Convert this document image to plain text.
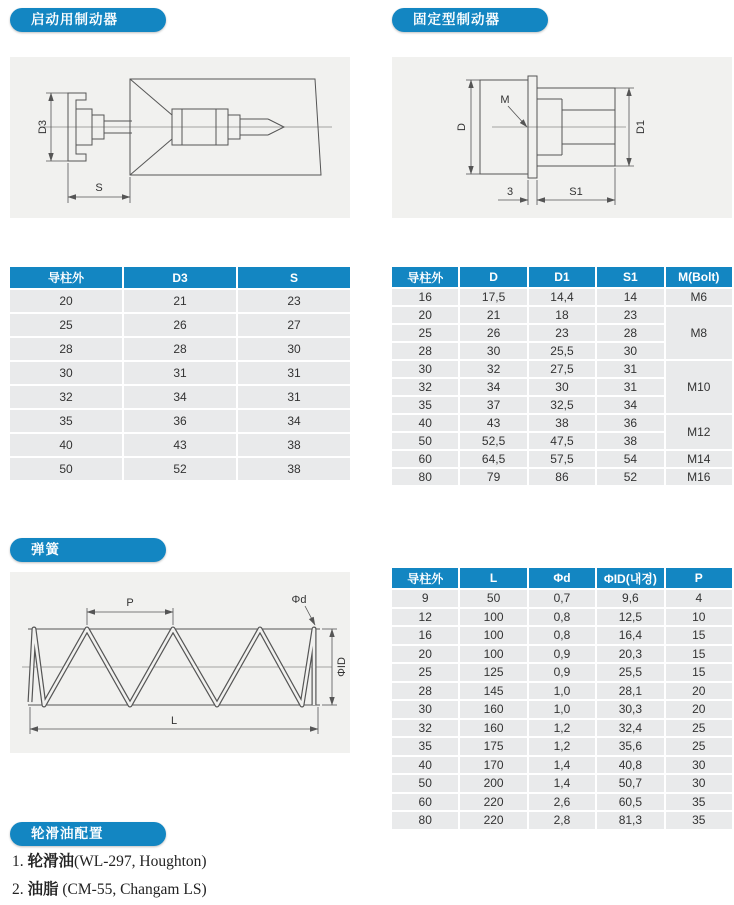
启动用制动器	固定型制动器
D3
S
M
D	D1
3	S1
导柱外	D3	S
20	21	23
25	26	27
28	28	30
30	31	31
32	34	31
35	36	34
40	43	38
50	52	38
导柱外	D	D1	S1	M(Bolt)
16	17,5	14,4	14	M6
20	21	18	23	M8
25	26	23	28	
28	30	25,5	30	
30	32	27,5	31	M10
32	34	30	31	
35	37	32,5	34	
40	43	38	36	M12
50	52,5	47,5	38	
60	64,5	57,5	54	M14
80	79	86	52	M16
弹簧
P	Φd
ΦID
L
导柱外	L	Φd	ΦID(내경)	P
9	50	0,7	9,6	4
12	100	0,8	12,5	10
16	100	0,8	16,4	15
20	100	0,9	20,3	15
25	125	0,9	25,5	15
28	145	1,0	28,1	20
30	160	1,0	30,3	20
32	160	1,2	32,4	25
35	175	1,2	35,6	25
40	170	1,4	40,8	30
50	200	1,4	50,7	30
60	220	2,6	60,5	35
80	220	2,8	81,3	35
轮滑油配置
1. 轮滑油(WL-297, Houghton)
2. 油脂 (CM-55, Changam LS)
